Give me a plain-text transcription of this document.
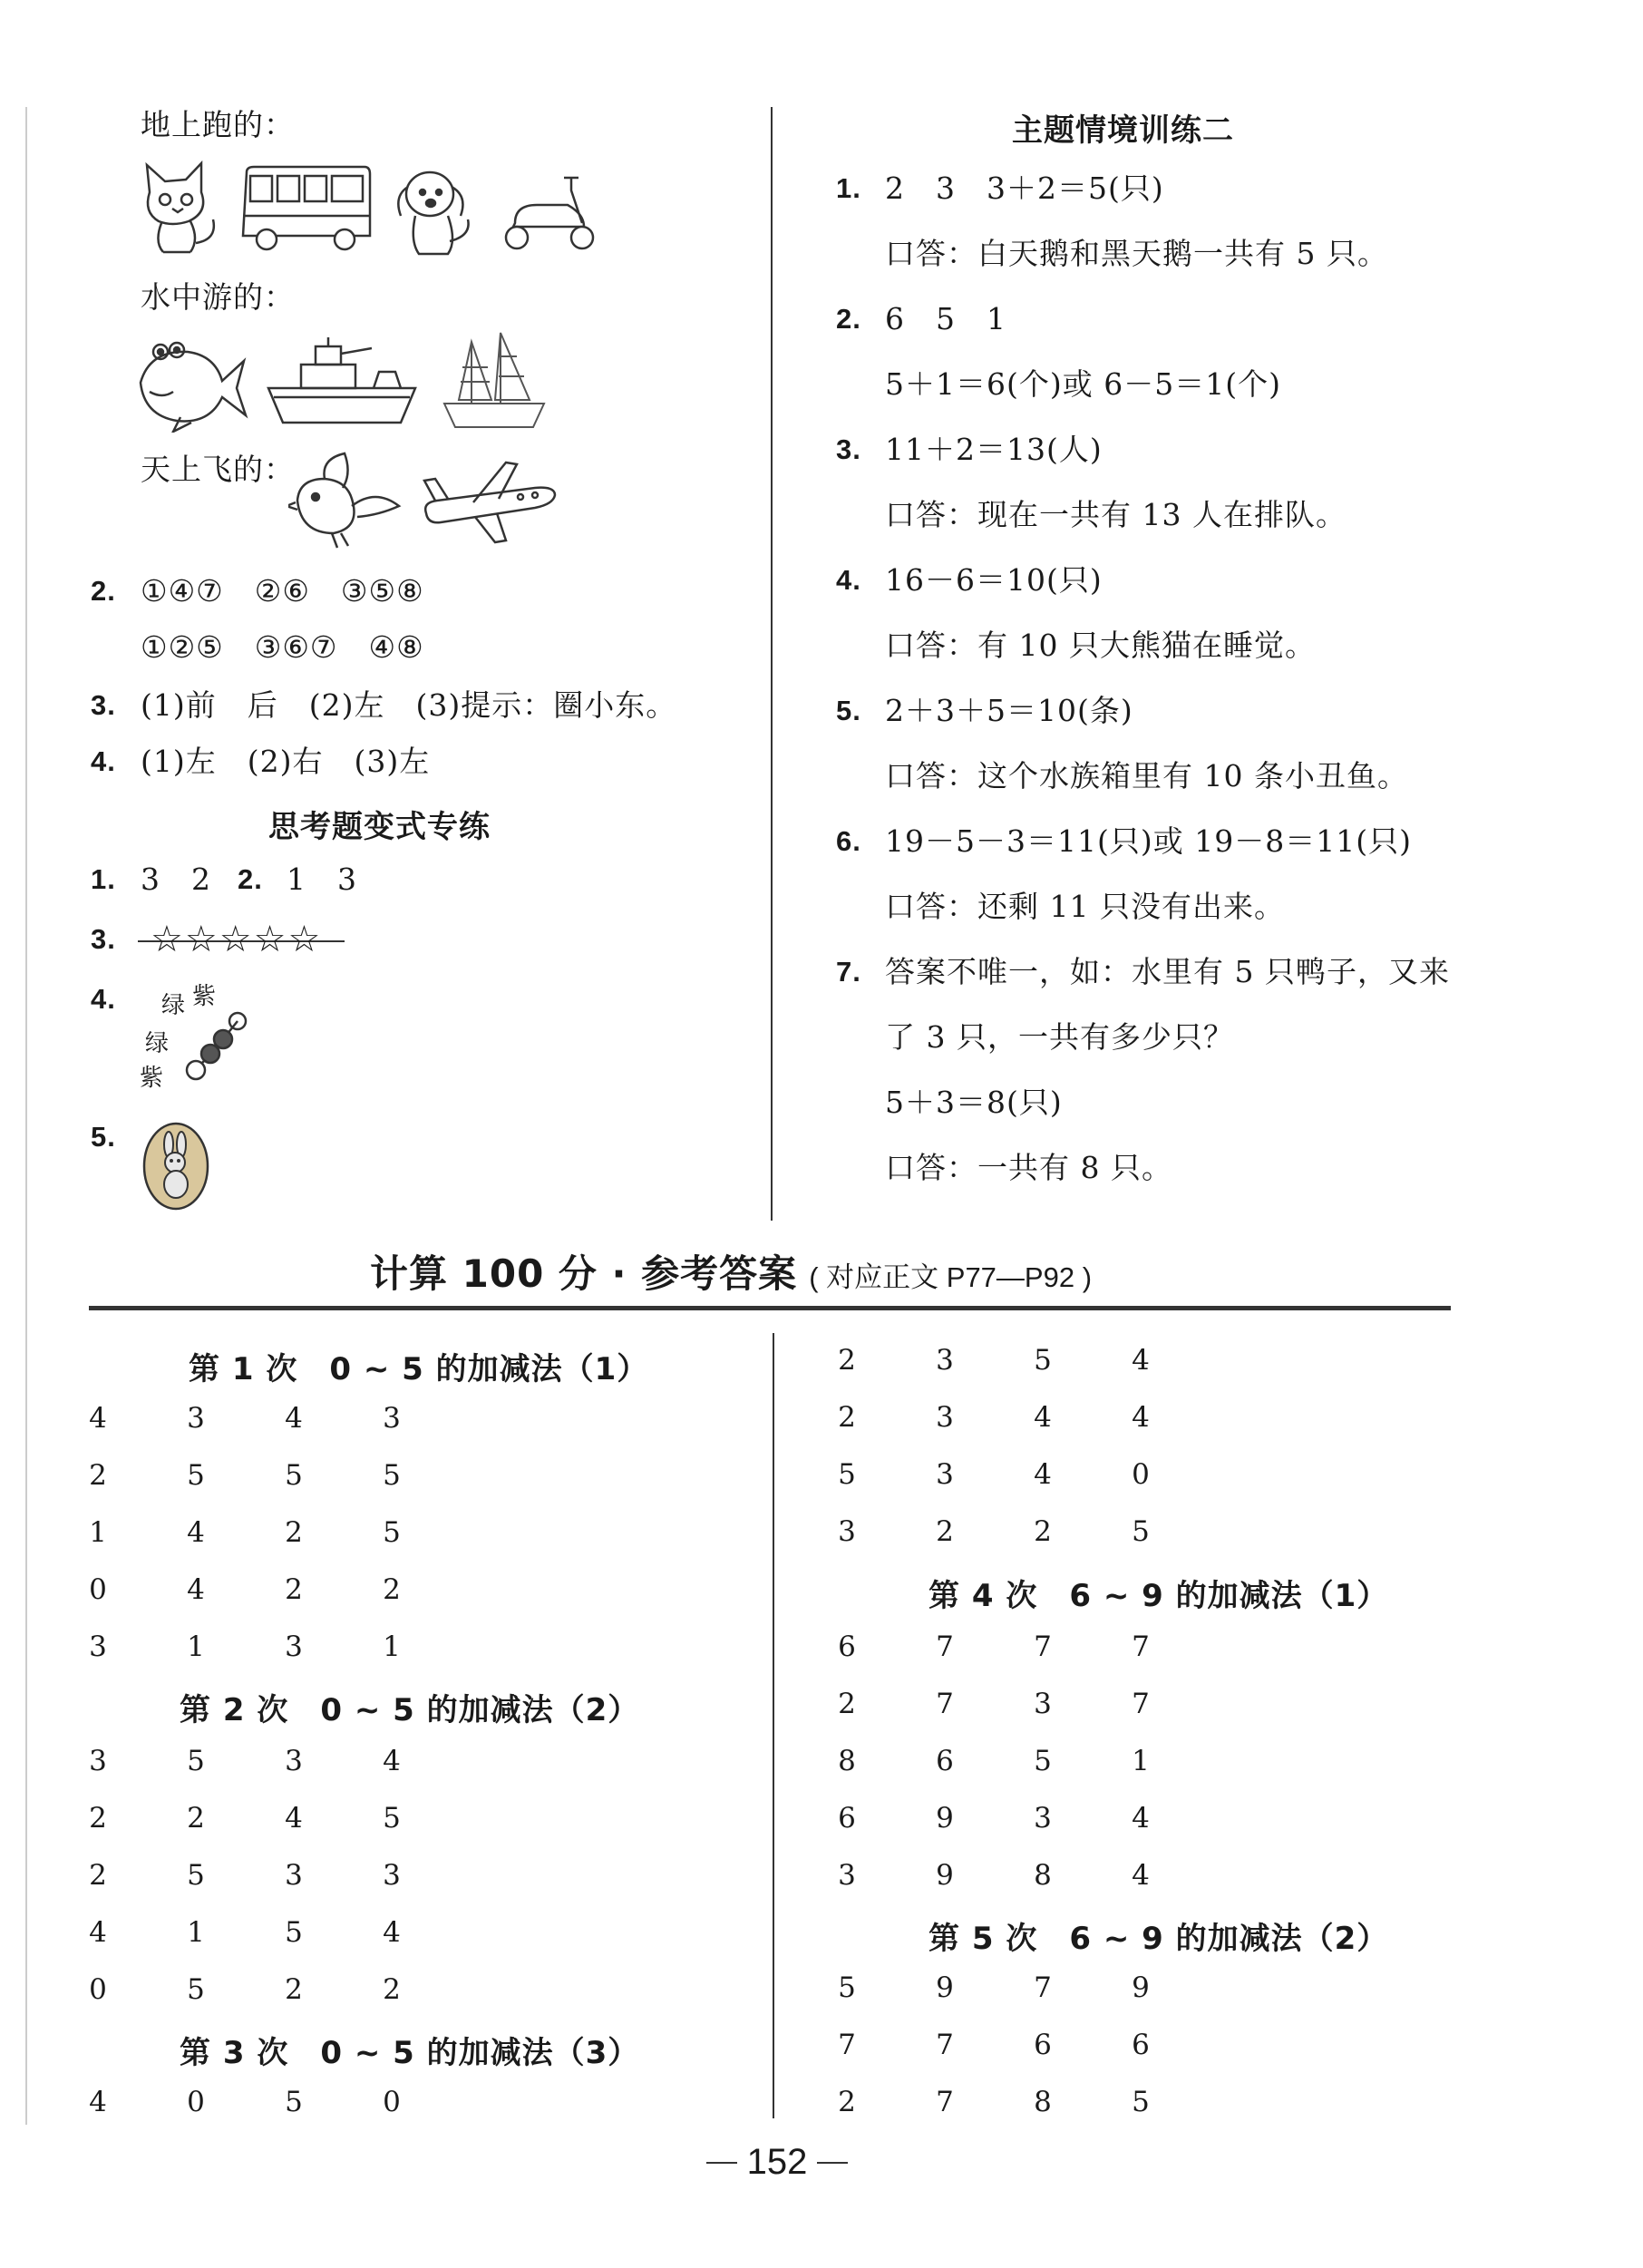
地上跑的：
水中游的：
天上飞的：
2. ①④⑦　②⑥　③⑤⑧
①②⑤　③⑥⑦　④⑧
3. (1)前　后　(2)左　(3)提示：圈小东。
4. (1)左　(2)右　(3)左
思考题变式专练
1. 3　2 2. 1　3
3. ☆☆☆☆☆
4. 绿 紫
绿
紫
5.
主题情境训练二
1. 2　3　3＋2＝5(只)
口答：白天鹅和黑天鹅一共有 5 只。
2. 6　5　1
5＋1＝6(个)或 6－5＝1(个)
3. 11＋2＝13(人)
口答：现在一共有 13 人在排队。
4. 16－6＝10(只)
口答：有 10 只大熊猫在睡觉。
5. 2＋3＋5＝10(条)
口答：这个水族箱里有 10 条小丑鱼。
6. 19－5－3＝11(只)或 19－8＝11(只)
口答：还剩 11 只没有出来。
7. 答案不唯一，如：水里有 5 只鸭子，又来
了 3 只，一共有多少只？
5＋3＝8(只)
口答：一共有 8 只。
计算 100 分 · 参考答案 ( 对应正文 P77—P92 )
第 1 次　0 ~ 5 的加减法（1）
4	3	4	3
2	5	5	5
1	4	2	5
0	4	2	2
3	1	3	1
第 2 次　0 ~ 5 的加减法（2）
3	5	3	4
2	2	4	5
2	5	3	3
4	1	5	4
0	5	2	2
第 3 次　0 ~ 5 的加减法（3）
4	0	5	0
2	3	5	4
2	3	4	4
5	3	4	0
3	2	2	5
第 4 次　6 ~ 9 的加减法（1）
6	7	7	7
2	7	3	7
8	6	5	1
6	9	3	4
3	9	8	4
第 5 次　6 ~ 9 的加减法（2）
5	9	7	9
7	7	6	6
2	7	8	5
152
